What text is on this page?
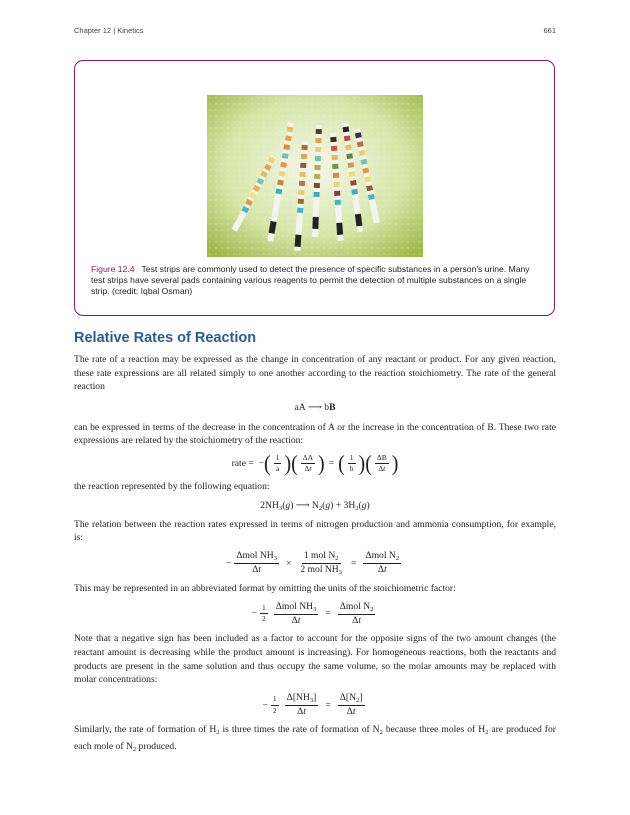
Chapter 12 | Kinetics	661
Figure 12.4 Test strips are commonly used to detect the presence of specific substances in a person's urine. Many test strips have several pads containing various reagents to permit the detection of multiple substances on a single strip. (credit: Iqbal Osman)
Relative Rates of Reaction

The rate of a reaction may be expressed as the change in concentration of any reactant or product. For any given reaction, these rate expressions are all related simply to one another according to the reaction stoichiometry. The rate of the general reaction

aA ⟶ bB

can be expressed in terms of the decrease in the concentration of A or the increase in the concentration of B. These two rate expressions are related by the stoichiometry of the reaction:

rate =  − ( $\frac{1}{a}$ ) ( $\frac{\Delta A}{\Delta t}$ ) = ( $\frac{1}{b}$ ) ( $\frac{\Delta B}{\Delta t}$ )

the reaction represented by the following equation:

$2NH_3(g)$ ⟶ $N_2(g) + 3H_2(g)$

The relation between the reaction rates expressed in terms of nitrogen production and ammonia consumption, for example, is:

− $\frac{\Delta mol NH_3}{\Delta t} \times \frac{1 mol N_2}{2 mol NH_3} = \frac{\Delta mol N_2}{\Delta t}$

This may be represented in an abbreviated format by omitting the units of the stoichiometric factor:

− $\frac{1}{2} \frac{\Delta mol NH_3}{\Delta t} = \frac{\Delta mol N_2}{\Delta t}$

Note that a negative sign has been included as a factor to account for the opposite signs of the two amount changes (the reactant amount is decreasing while the product amount is increasing). For homogeneous reactions, both the reactants and products are present in the same solution and thus occupy the same volume, so the molar amounts may be replaced with molar concentrations:

− $\frac{1}{2} \frac{\Delta[NH_3]}{\Delta t} = \frac{\Delta[N_2]}{\Delta t}$

Similarly, the rate of formation of $H_2$ is three times the rate of formation of $N_2$ because three moles of $H_2$ are produced for each mole of $N_2$ produced.
